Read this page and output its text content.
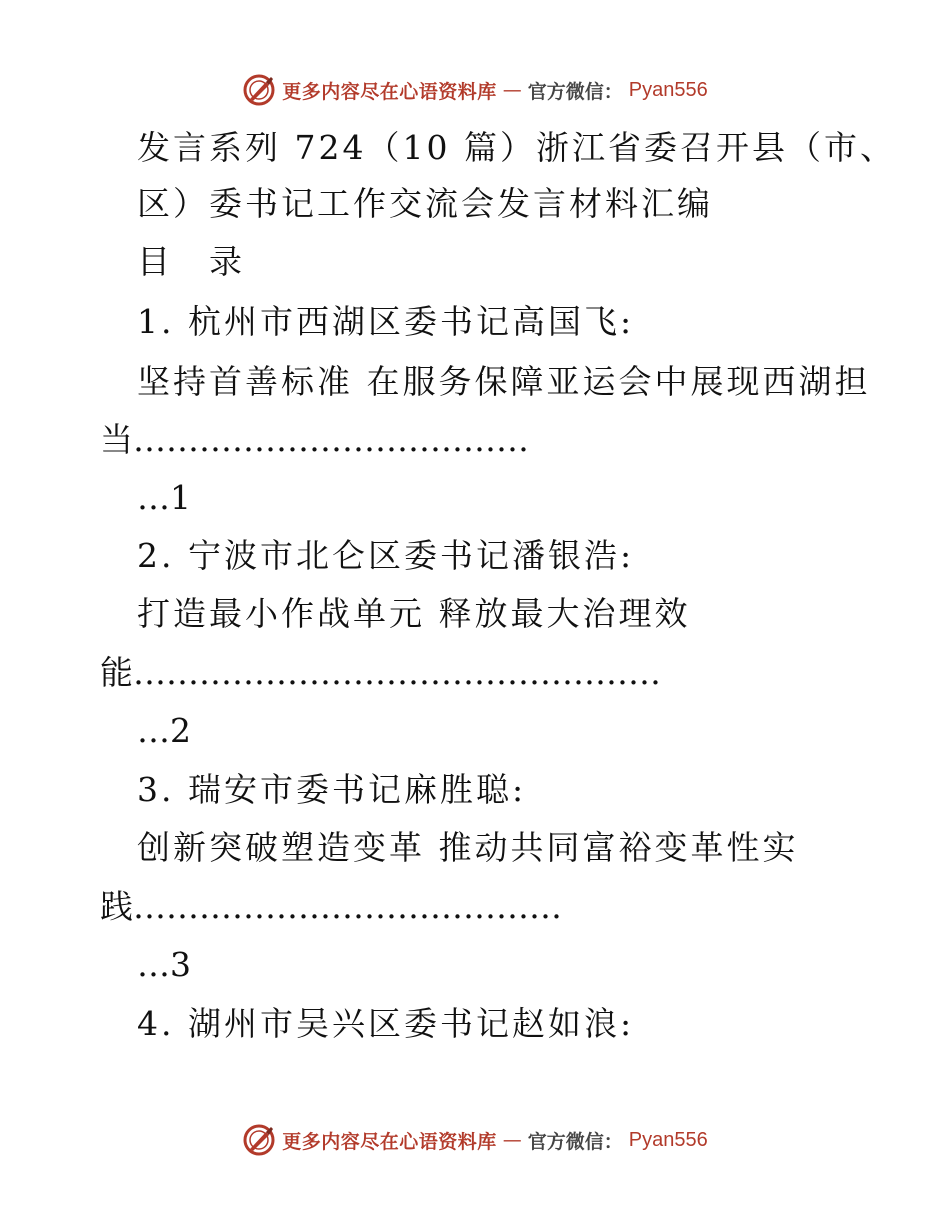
更多内容尽在心语资料库 — 官方微信： Pyan556
发言系列 724（10 篇）浙江省委召开县（市、
区）委书记工作交流会发言材料汇编
目　录
1. 杭州市西湖区委书记高国飞:
坚持首善标准 在服务保障亚运会中展现西湖担
当………………………………
…1
2. 宁波市北仑区委书记潘银浩:
打造最小作战单元 释放最大治理效
能…………………………………………
…2
3. 瑞安市委书记麻胜聪:
创新突破塑造变革 推动共同富裕变革性实
践…………………………………
…3
4. 湖州市吴兴区委书记赵如浪:
更多内容尽在心语资料库 — 官方微信： Pyan556
